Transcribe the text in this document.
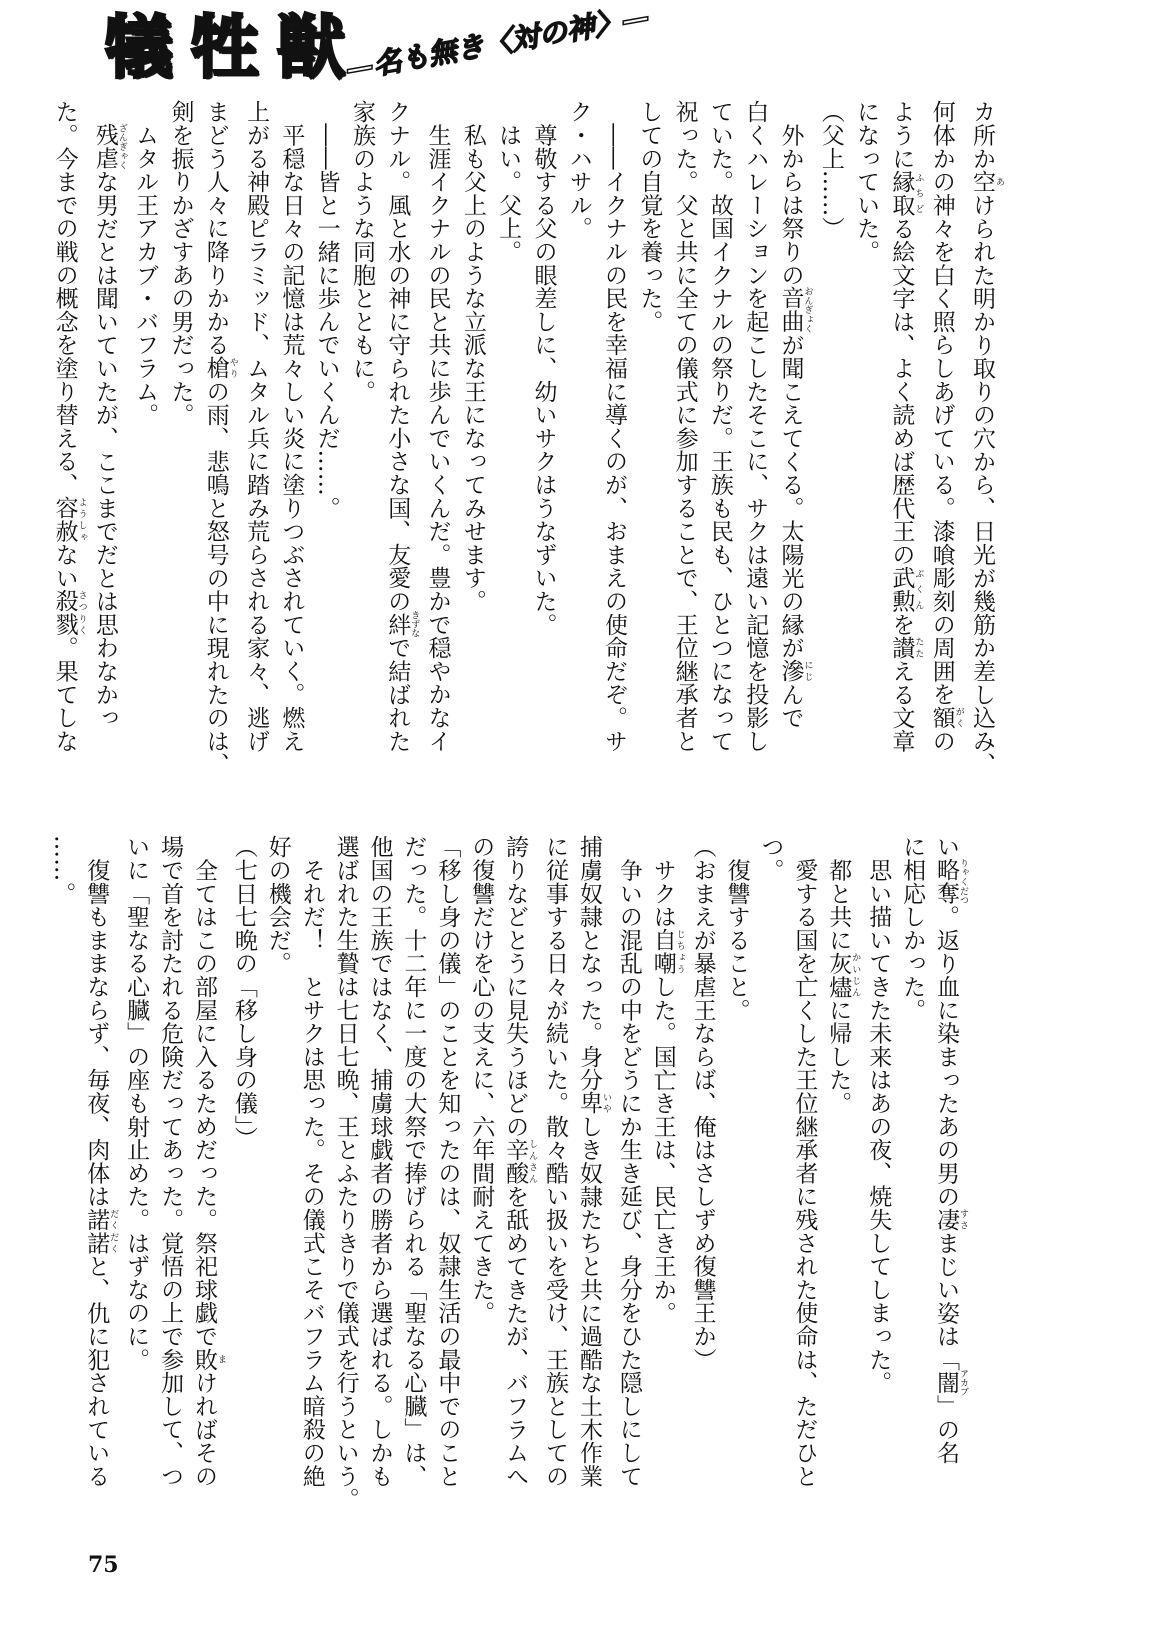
犠牲獣
—名も無き〈対の神〉—
カ所か空 あけられた明かり取りの穴から、日光が幾筋か差し込み、
何体かの神々を白く照らしあげている。漆喰彫刻の周囲を額 がくの
ように縁取 ふちどる絵文字は、よく読めば歴代王の武勲 ぶくんを讃 たたえる文章
になっていた。
（父上……）
　外からは祭りの音曲 おんぎょくが聞こえてくる。太陽光の縁が滲 にじんで
白くハレーションを起こしたそこに、サクは遠い記憶を投影し
ていた。故国イクナルの祭りだ。王族も民も、ひとつになって
祝った。父と共に全ての儀式に参加することで、王位継承者と
しての自覚を養った。
　――イクナルの民を幸福に導くのが、おまえの使命だぞ。サ
ク・ハサル。
　尊敬する父の眼差しに、幼いサクはうなずいた。
　はい。父上。
　私も父上のような立派な王になってみせます。
　生涯イクナルの民と共に歩んでいくんだ。豊かで穏やかなイ
クナル。風と水の神に守られた小さな国、友愛の絆 きずなで結ばれた
家族のような同胞とともに。
　――皆と一緒に歩んでいくんだ……。
　平穏な日々の記憶は荒々しい炎に塗りつぶされていく。燃え
上がる神殿ピラミッド、ムタル兵に踏み荒らされる家々、逃げ
まどう人々に降りかかる槍 やりの雨、悲鳴と怒号の中に現れたのは、
剣を振りかざすあの男だった。
　ムタル王アカブ・バフラム。
　残虐 ざんぎゃくな男だとは聞いていたが、ここまでだとは思わなかっ
た。今までの戦の概念を塗り替える、容赦 ようしゃない殺戮 さつりく。果てしな
い略奪 りゃくだつ。返り血に染まったあの男の凄 すさまじい姿は「闇 アカブ」の名
に相応しかった。
　思い描いてきた未来はあの夜、焼失してしまった。
　都と共に灰燼 かいじんに帰した。
　愛する国を亡くした王位継承者に残された使命は、ただひと
つ。
　復讐すること。
（おまえが暴虐王ならば、俺はさしずめ復讐王か）
　サクは自嘲 じちょうした。国亡き王は、民亡き王か。
　争いの混乱の中をどうにか生き延び、身分をひた隠しにして
捕虜奴隷となった。身分卑 いやしき奴隷たちと共に過酷な土木作業
に従事する日々が続いた。散々酷い扱いを受け、王族としての
誇りなどとうに見失うほどの辛酸 しんさんを舐めてきたが、バフラムへ
の復讐だけを心の支えに、六年間耐えてきた。
「移し身の儀」のことを知ったのは、奴隷生活の最中でのこと
だった。十二年に一度の大祭で捧げられる「聖なる心臓」は、
他国の王族ではなく、捕虜球戯者の勝者から選ばれる。しかも
選ばれた生贄は七日七晩、王とふたりきりで儀式を行うという。
　それだ！　とサクは思った。その儀式こそバフラム暗殺の絶
好の機会だ。
（七日七晩の「移し身の儀」）
　全てはこの部屋に入るためだった。祭祀球戯で敗 まければその
場で首を討たれる危険だってあった。覚悟の上で参加して、つ
いに「聖なる心臓」の座も射止めた。はずなのに。
　復讐もままならず、毎夜、肉体は諾諾 だくだくと、仇に犯されている
……。
75
